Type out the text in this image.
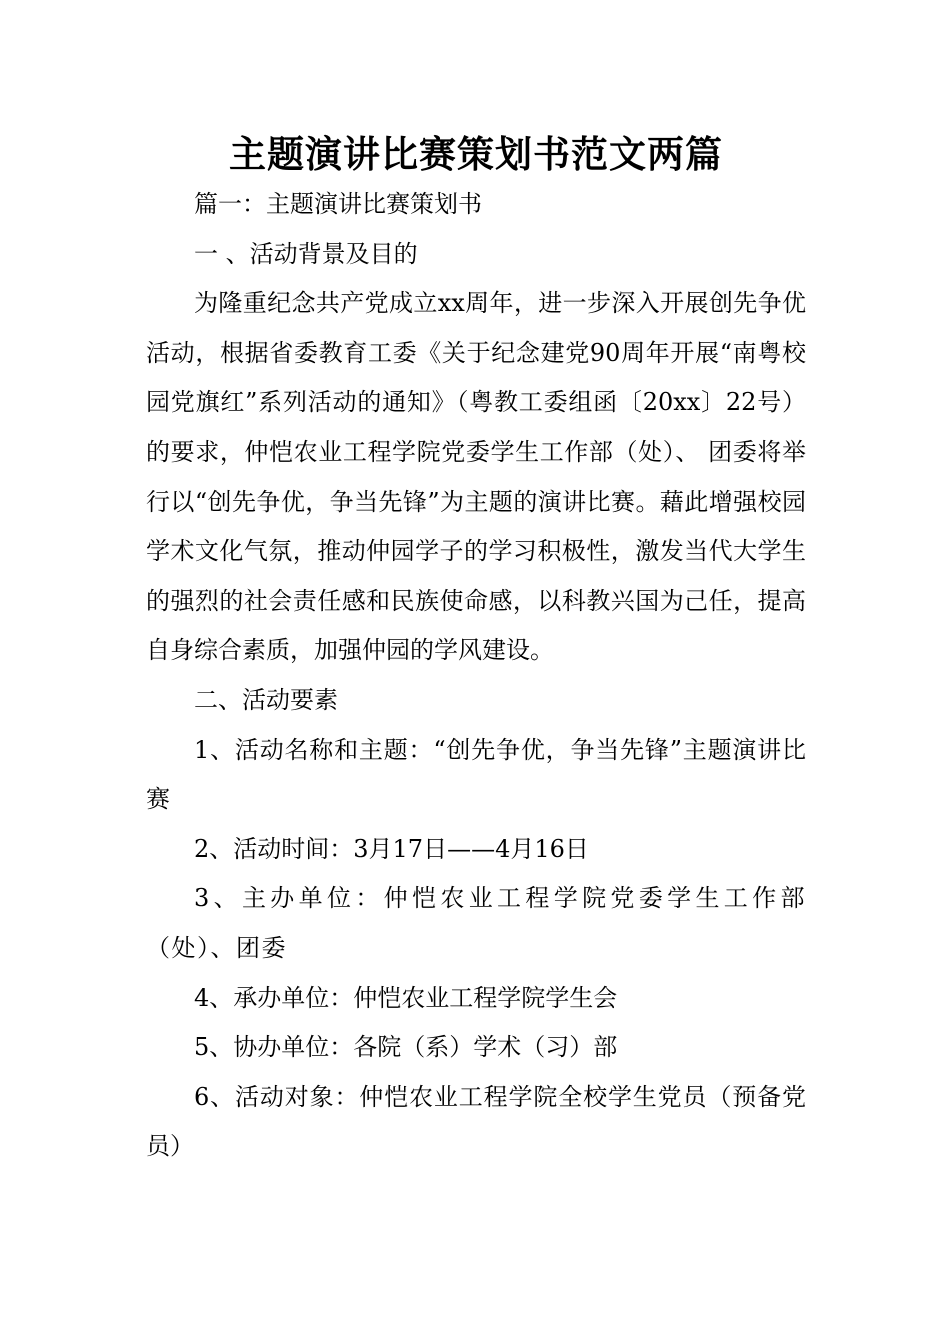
主题演讲比赛策划书范文两篇

篇一：主题演讲比赛策划书

一 、活动背景及目的

为隆重纪念共产党成立xx周年，进一步深入开展创先争优活动，根据省委教育工委《关于纪念建党90周年开展“南粤校园党旗红”系列活动的通知》（粤教工委组函〔20xx〕22号）的要求，仲恺农业工程学院党委学生工作部（处）、 团委将举行以“创先争优，争当先锋”为主题的演讲比赛。藉此增强校园学术文化气氛，推动仲园学子的学习积极性，激发当代大学生的强烈的社会责任感和民族使命感，以科教兴国为己任，提高自身综合素质，加强仲园的学风建设。

二、活动要素

1、活动名称和主题：“创先争优，争当先锋”主题演讲比赛

2、活动时间：3月17日——4月16日

3、主办单位：仲恺农业工程学院党委学生工作部（处）、团委

4、承办单位：仲恺农业工程学院学生会

5、协办单位：各院（系）学术（习）部

6、活动对象：仲恺农业工程学院全校学生党员（预备党员）
